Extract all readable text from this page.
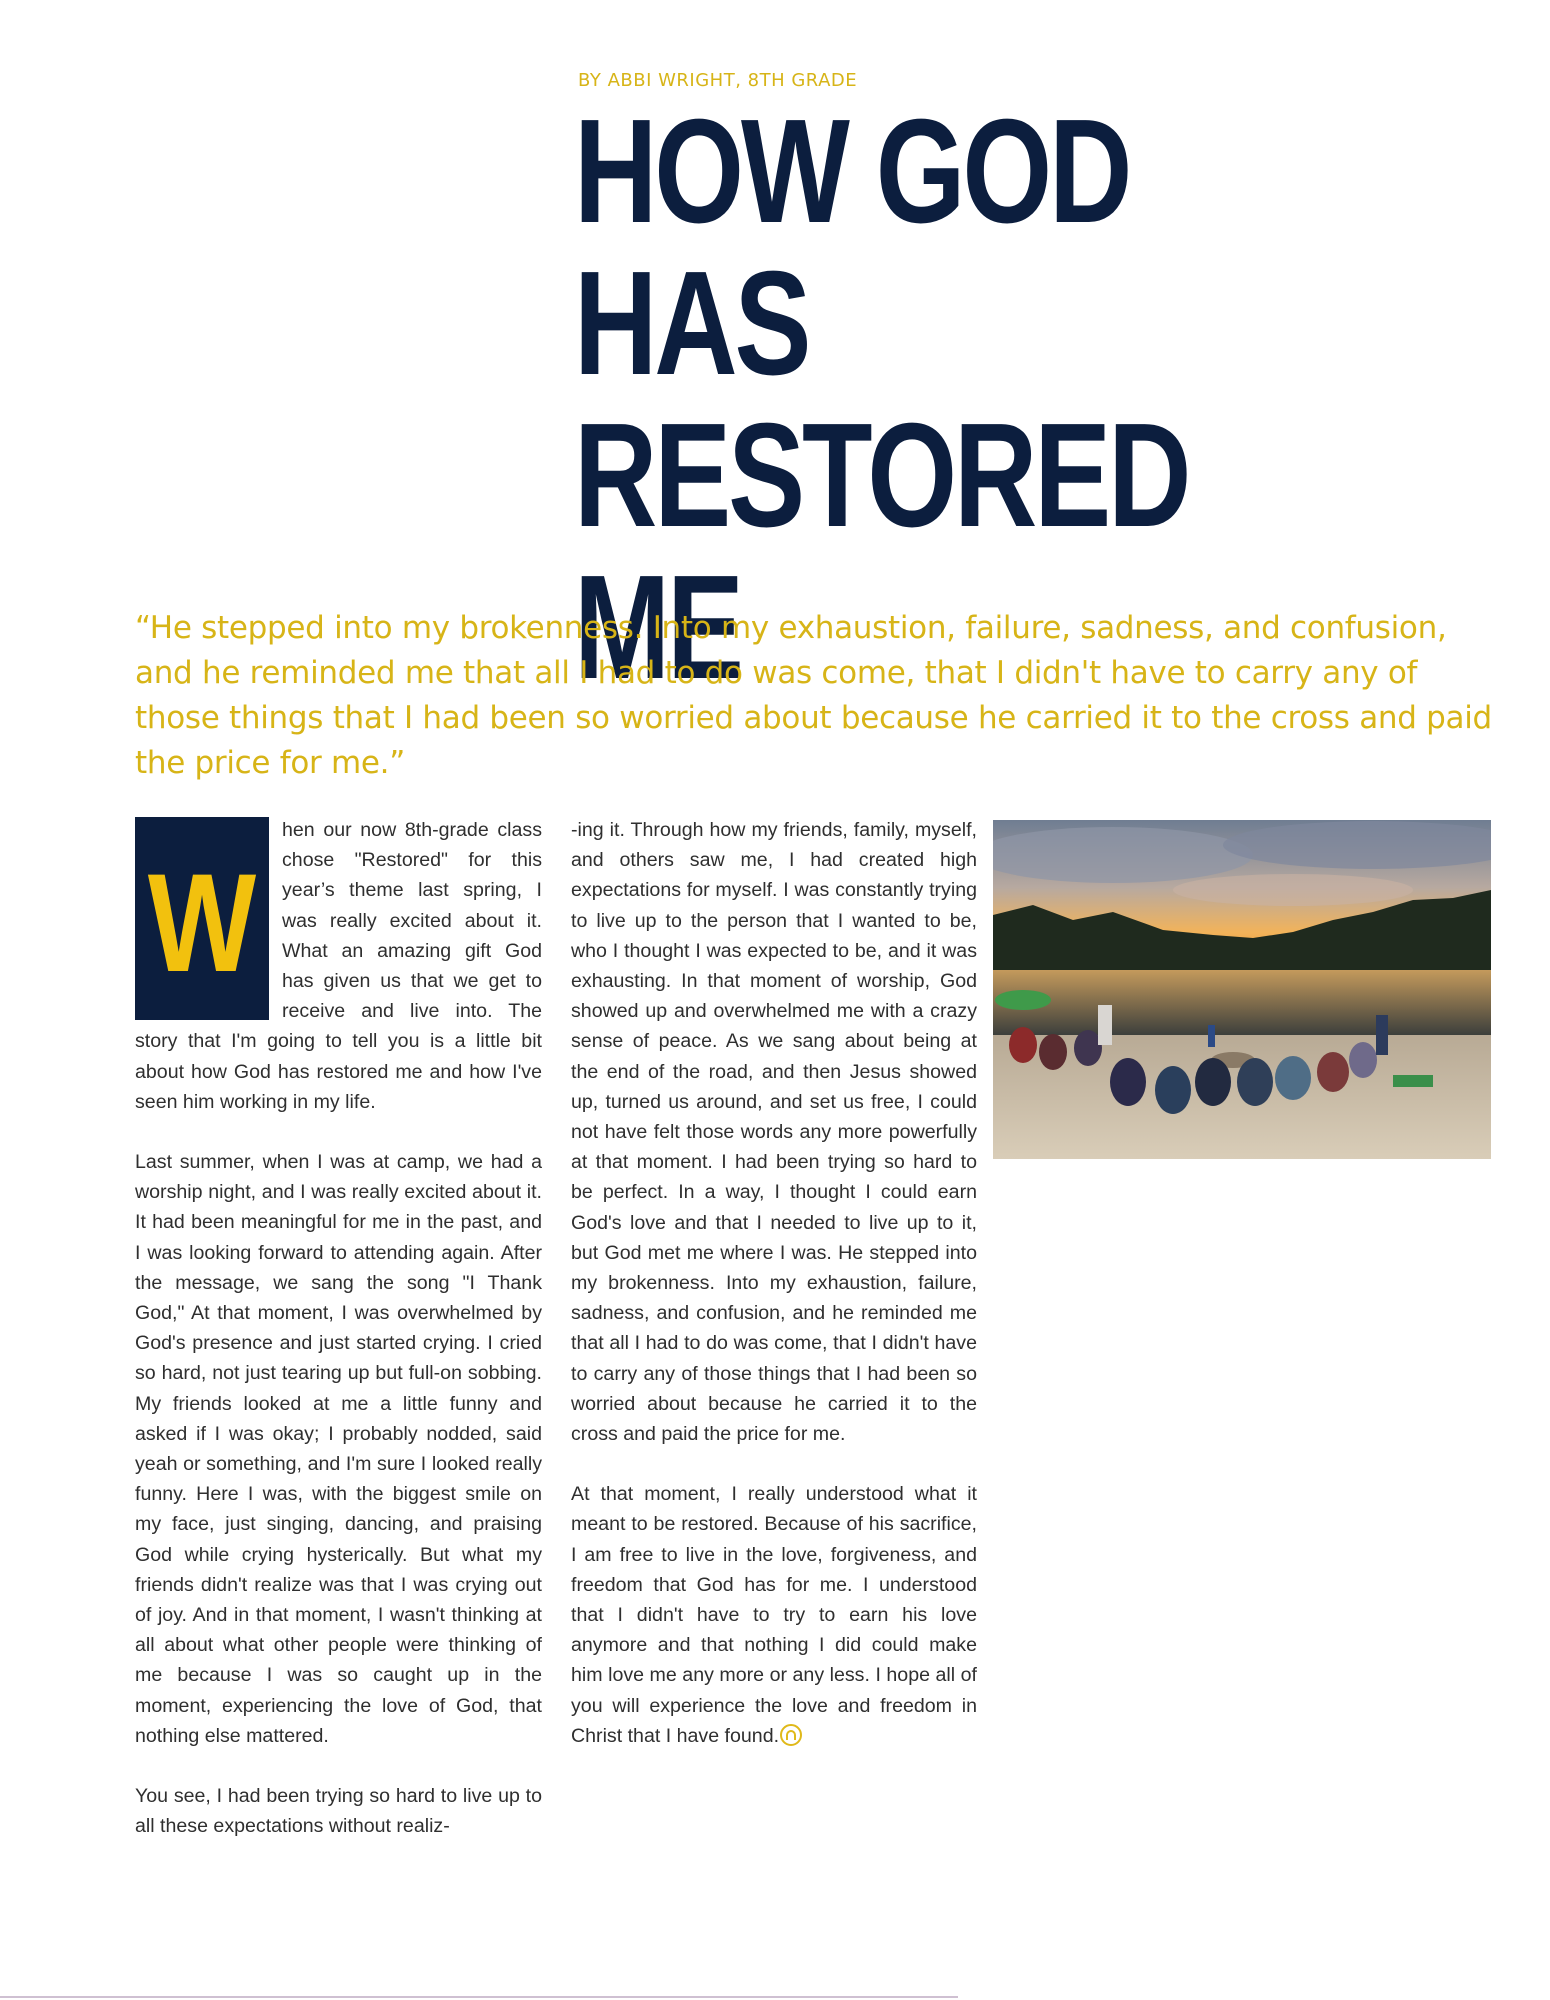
BY ABBI WRIGHT, 8TH GRADE
HOW GOD
HAS RESTORED
ME

“He stepped into my brokenness. Into my exhaustion, failure, sadness, and confusion, and he reminded me that all I had to do was come, that I didn't have to carry any of those things that I had been so worried about because he carried it to the cross and paid the price for me.”

W

hen our now 8th-grade class chose "Restored" for this year’s theme last spring, I was really excited about it. What an amazing gift God has given us that we get to receive and live into. The story that I'm going to tell you is a little bit about how God has restored me and how I've seen him working in my life.

Last summer, when I was at camp, we had a worship night, and I was really excited about it. It had been meaningful for me in the past, and I was looking forward to attending again. After the message, we sang the song "I Thank God," At that moment, I was overwhelmed by God's presence and just started crying. I cried so hard, not just tearing up but full-on sobbing. My friends looked at me a little funny and asked if I was okay; I probably nodded, said yeah or something, and I'm sure I looked really funny. Here I was, with the biggest smile on my face, just singing, dancing, and praising God while crying hysterically. But what my friends didn't realize was that I was crying out of joy. And in that moment, I wasn't thinking at all about what other people were thinking of me because I was so caught up in the moment, experiencing the love of God, that nothing else mattered.

You see, I had been trying so hard to live up to all these expectations without realiz-

-ing it. Through how my friends, family, myself, and others saw me, I had created high expectations for myself. I was constantly trying to live up to the person that I wanted to be, who I thought I was expected to be, and it was exhausting. In that moment of worship, God showed up and overwhelmed me with a crazy sense of peace. As we sang about being at the end of the road, and then Jesus showed up, turned us around, and set us free, I could not have felt those words any more powerfully at that moment. I had been trying so hard to be perfect. In a way, I thought I could earn God's love and that I needed to live up to it, but God met me where I was. He stepped into my brokenness. Into my exhaustion, failure, sadness, and confusion, and he reminded me that all I had to do was come, that I didn't have to carry any of those things that I had been so worried about because he carried it to the cross and paid the price for me.

At that moment, I really understood what it meant to be restored. Because of his sacrifice, I am free to live in the love, forgiveness, and freedom that God has for me. I understood that I didn't have to try to earn his love anymore and that nothing I did could make him love me any more or any less. I hope all of you will experience the love and freedom in Christ that I have found.
